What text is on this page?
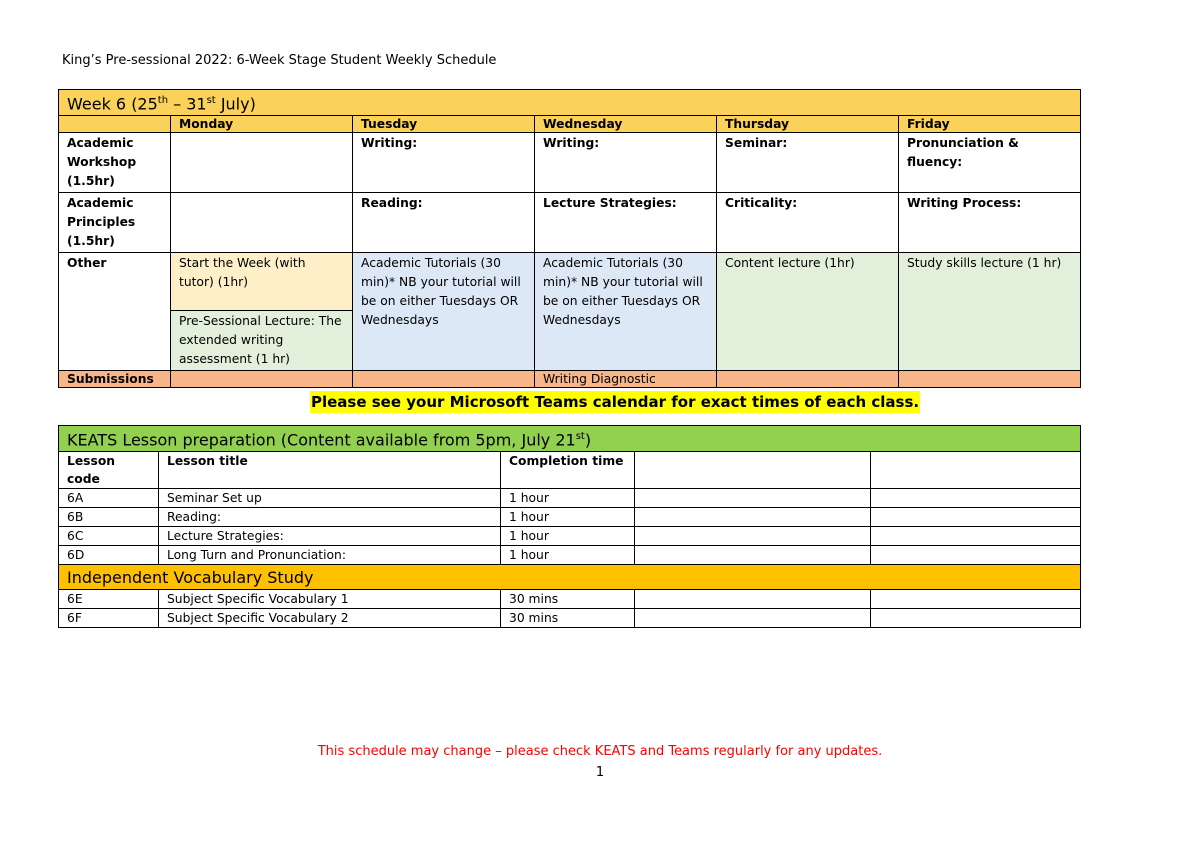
King’s Pre-sessional 2022: 6-Week Stage Student Weekly Schedule
Week 6 (25th – 31st July)					
	Monday	Tuesday	Wednesday	Thursday	Friday
Academic Workshop (1.5hr)		Writing:	Writing:	Seminar:	Pronunciation & fluency:
Academic Principles (1.5hr)		Reading:	Lecture Strategies:	Criticality:	Writing Process:
Other	Start the Week (with tutor) (1hr)	Academic Tutorials (30 min)* NB your tutorial will be on either Tuesdays OR Wednesdays	Academic Tutorials (30 min)* NB your tutorial will be on either Tuesdays OR Wednesdays	Content lecture (1hr)	Study skills lecture (1 hr)
	Pre-Sessional Lecture: The extended writing assessment (1 hr)				
Submissions			Writing Diagnostic		
Please see your Microsoft Teams calendar for exact times of each class.
KEATS Lesson preparation (Content available from 5pm, July 21st)				
Lesson code	Lesson title	Completion time		
6A	Seminar Set up	1 hour		
6B	Reading:	1 hour		
6C	Lecture Strategies:	1 hour		
6D	Long Turn and Pronunciation:	1 hour		
Independent Vocabulary Study				
6E	Subject Specific Vocabulary 1	30 mins		
6F	Subject Specific Vocabulary 2	30 mins		
This schedule may change – please check KEATS and Teams regularly for any updates.
1
